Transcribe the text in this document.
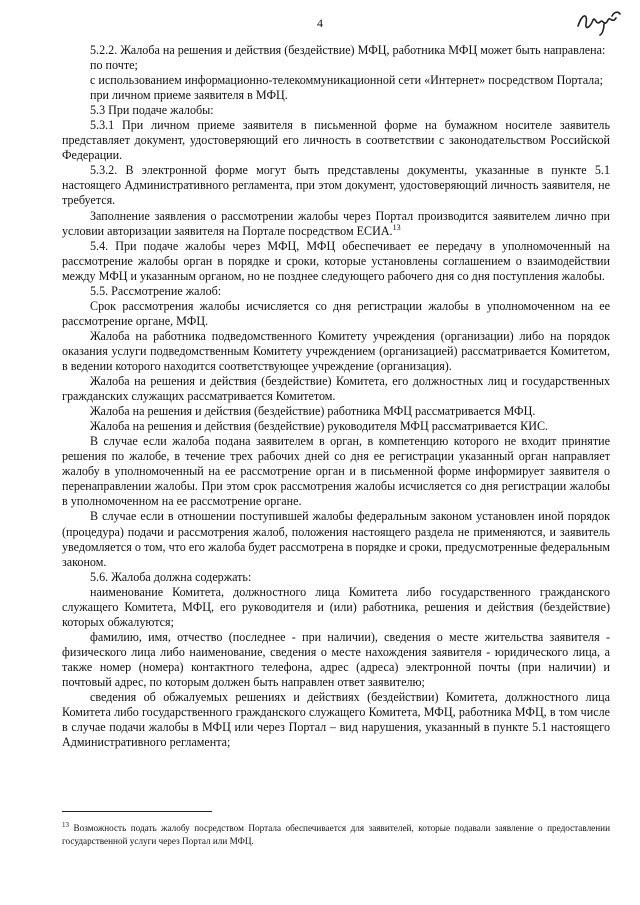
4

5.2.2. Жалоба на решения и действия (бездействие) МФЦ, работника МФЦ может быть направлена:

по почте;

с использованием информационно-телекоммуникационной сети «Интернет» посредством Портала;

при личном приеме заявителя в МФЦ.

5.3 При подаче жалобы:

5.3.1 При личном приеме заявителя в письменной форме на бумажном носителе заявитель представляет документ, удостоверяющий его личность в соответствии с законодательством Российской Федерации.

5.3.2. В электронной форме могут быть представлены документы, указанные в пункте 5.1 настоящего Административного регламента, при этом документ, удостоверяющий личность заявителя, не требуется.

Заполнение заявления о рассмотрении жалобы через Портал производится заявителем лично при условии авторизации заявителя на Портале посредством ЕСИА.$^{13}$

5.4. При подаче жалобы через МФЦ, МФЦ обеспечивает ее передачу в уполномоченный на рассмотрение жалобы орган в порядке и сроки, которые установлены соглашением о взаимодействии между МФЦ и указанным органом, но не позднее следующего рабочего дня со дня поступления жалобы.

5.5. Рассмотрение жалоб:

Срок рассмотрения жалобы исчисляется со дня регистрации жалобы в уполномоченном на ее рассмотрение органе, МФЦ.

Жалоба на работника подведомственного Комитету учреждения (организации) либо на порядок оказания услуги подведомственным Комитету учреждением (организацией) рассматривается Комитетом, в ведении которого находится соответствующее учреждение (организация).

Жалоба на решения и действия (бездействие) Комитета, его должностных лиц и государственных гражданских служащих рассматривается Комитетом.

Жалоба на решения и действия (бездействие) работника МФЦ рассматривается МФЦ.

Жалоба на решения и действия (бездействие) руководителя МФЦ рассматривается КИС.

В случае если жалоба подана заявителем в орган, в компетенцию которого не входит принятие решения по жалобе, в течение трех рабочих дней со дня ее регистрации указанный орган направляет жалобу в уполномоченный на ее рассмотрение орган и в письменной форме информирует заявителя о перенаправлении жалобы. При этом срок рассмотрения жалобы исчисляется со дня регистрации жалобы в уполномоченном на ее рассмотрение органе.

В случае если в отношении поступившей жалобы федеральным законом установлен иной порядок (процедура) подачи и рассмотрения жалоб, положения настоящего раздела не применяются, и заявитель уведомляется о том, что его жалоба будет рассмотрена в порядке и сроки, предусмотренные федеральным законом.

5.6. Жалоба должна содержать:

наименование Комитета, должностного лица Комитета либо государственного гражданского служащего Комитета, МФЦ, его руководителя и (или) работника, решения и действия (бездействие) которых обжалуются;

фамилию, имя, отчество (последнее - при наличии), сведения о месте жительства заявителя - физического лица либо наименование, сведения о месте нахождения заявителя - юридического лица, а также номер (номера) контактного телефона, адрес (адреса) электронной почты (при наличии) и почтовый адрес, по которым должен быть направлен ответ заявителю;

сведения об обжалуемых решениях и действиях (бездействии) Комитета, должностного лица Комитета либо государственного гражданского служащего Комитета, МФЦ, работника МФЦ, в том числе в случае подачи жалобы в МФЦ или через Портал – вид нарушения, указанный в пункте 5.1 настоящего Административного регламента;

$^{13}$ Возможность подать жалобу посредством Портала обеспечивается для заявителей, которые подавали заявление о предоставлении государственной услуги через Портал или МФЦ.
